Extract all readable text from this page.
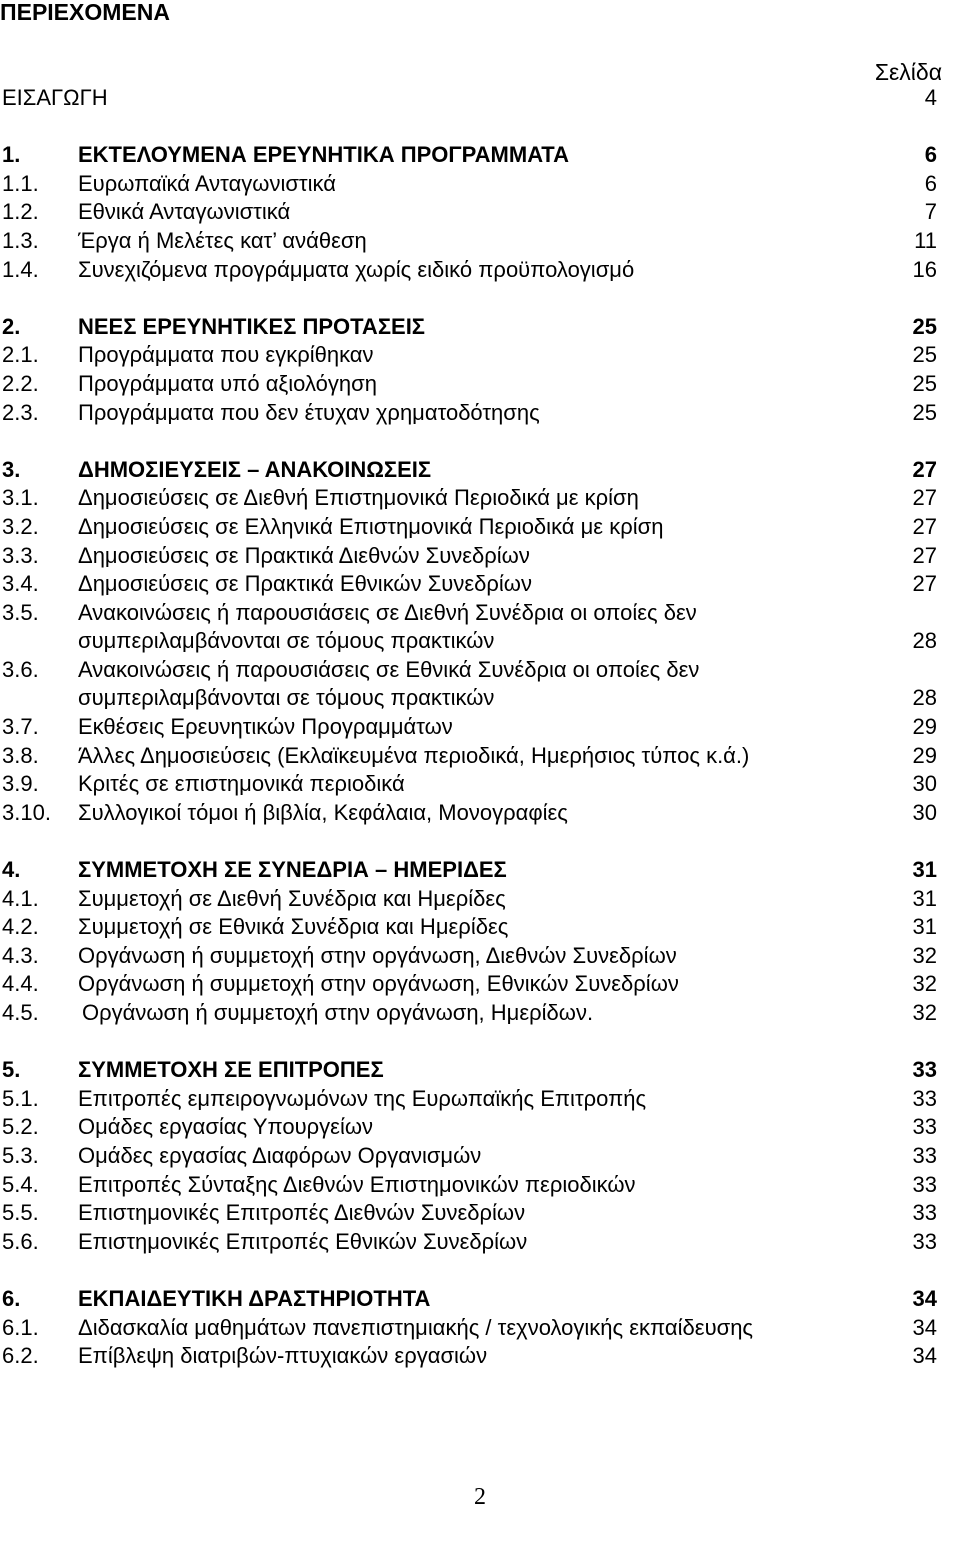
ΠΕΡΙΕΧΟΜΕΝΑ
Σελίδα
ΕΙΣΑΓΩΓΗ	4
1.	ΕΚΤΕΛΟΥΜΕΝΑ ΕΡΕΥΝΗΤΙΚΑ ΠΡΟΓΡΑΜΜΑΤΑ	6
1.1. Ευρωπαϊκά Ανταγωνιστικά	6
1.2. Εθνικά Ανταγωνιστικά	7
1.3. Έργα ή Μελέτες κατ’ ανάθεση	11
1.4. Συνεχιζόμενα προγράμματα χωρίς ειδικό προϋπολογισμό	16
2.	ΝΕΕΣ ΕΡΕΥΝΗΤΙΚΕΣ ΠΡΟΤΑΣΕΙΣ	25
2.1. Προγράμματα που εγκρίθηκαν	25
2.2. Προγράμματα υπό αξιολόγηση	25
2.3. Προγράμματα που δεν έτυχαν χρηματοδότησης	25
3.	ΔΗΜΟΣΙΕΥΣΕΙΣ – ΑΝΑΚΟΙΝΩΣΕΙΣ	27
3.1. Δημοσιεύσεις σε Διεθνή Επιστημονικά Περιοδικά με κρίση	27
3.2. Δημοσιεύσεις σε Ελληνικά Επιστημονικά Περιοδικά με κρίση	27
3.3. Δημοσιεύσεις σε Πρακτικά Διεθνών Συνεδρίων	27
3.4. Δημοσιεύσεις σε Πρακτικά Εθνικών Συνεδρίων	27
3.5. Ανακοινώσεις ή παρουσιάσεις σε Διεθνή Συνέδρια οι οποίες δεν συμπεριλαμβάνονται σε τόμους πρακτικών	28
3.6. Ανακοινώσεις ή παρουσιάσεις σε Εθνικά Συνέδρια οι οποίες δεν συμπεριλαμβάνονται σε τόμους πρακτικών	28
3.7. Εκθέσεις Ερευνητικών Προγραμμάτων	29
3.8. Άλλες Δημοσιεύσεις (Εκλαϊκευμένα περιοδικά, Ημερήσιος τύπος κ.ά.)	29
3.9. Κριτές σε επιστημονικά περιοδικά	30
3.10. Συλλογικοί τόμοι ή βιβλία, Κεφάλαια, Μονογραφίες	30
4.	ΣΥΜΜΕΤΟΧΗ ΣΕ ΣΥΝΕΔΡΙΑ – ΗΜΕΡΙΔΕΣ	31
4.1. Συμμετοχή σε Διεθνή Συνέδρια και Ημερίδες	31
4.2. Συμμετοχή σε Εθνικά Συνέδρια και Ημερίδες	31
4.3. Οργάνωση ή συμμετοχή στην οργάνωση, Διεθνών Συνεδρίων	32
4.4. Οργάνωση ή συμμετοχή στην οργάνωση, Εθνικών Συνεδρίων	32
4.5. Οργάνωση ή συμμετοχή στην οργάνωση, Ημερίδων.	32
5.	ΣΥΜΜΕΤΟΧΗ ΣΕ ΕΠΙΤΡΟΠΕΣ	33
5.1. Επιτροπές εμπειρογνωμόνων της Ευρωπαϊκής Επιτροπής	33
5.2. Ομάδες εργασίας Υπουργείων	33
5.3. Ομάδες εργασίας Διαφόρων Οργανισμών	33
5.4. Επιτροπές Σύνταξης Διεθνών Επιστημονικών περιοδικών	33
5.5. Επιστημονικές Επιτροπές Διεθνών Συνεδρίων	33
5.6. Επιστημονικές Επιτροπές Εθνικών Συνεδρίων	33
6.	ΕΚΠΑΙΔΕΥΤΙΚΗ ΔΡΑΣΤΗΡΙΟΤΗΤΑ	34
6.1. Διδασκαλία μαθημάτων πανεπιστημιακής / τεχνολογικής εκπαίδευσης	34
6.2. Επίβλεψη διατριβών-πτυχιακών εργασιών	34
2
